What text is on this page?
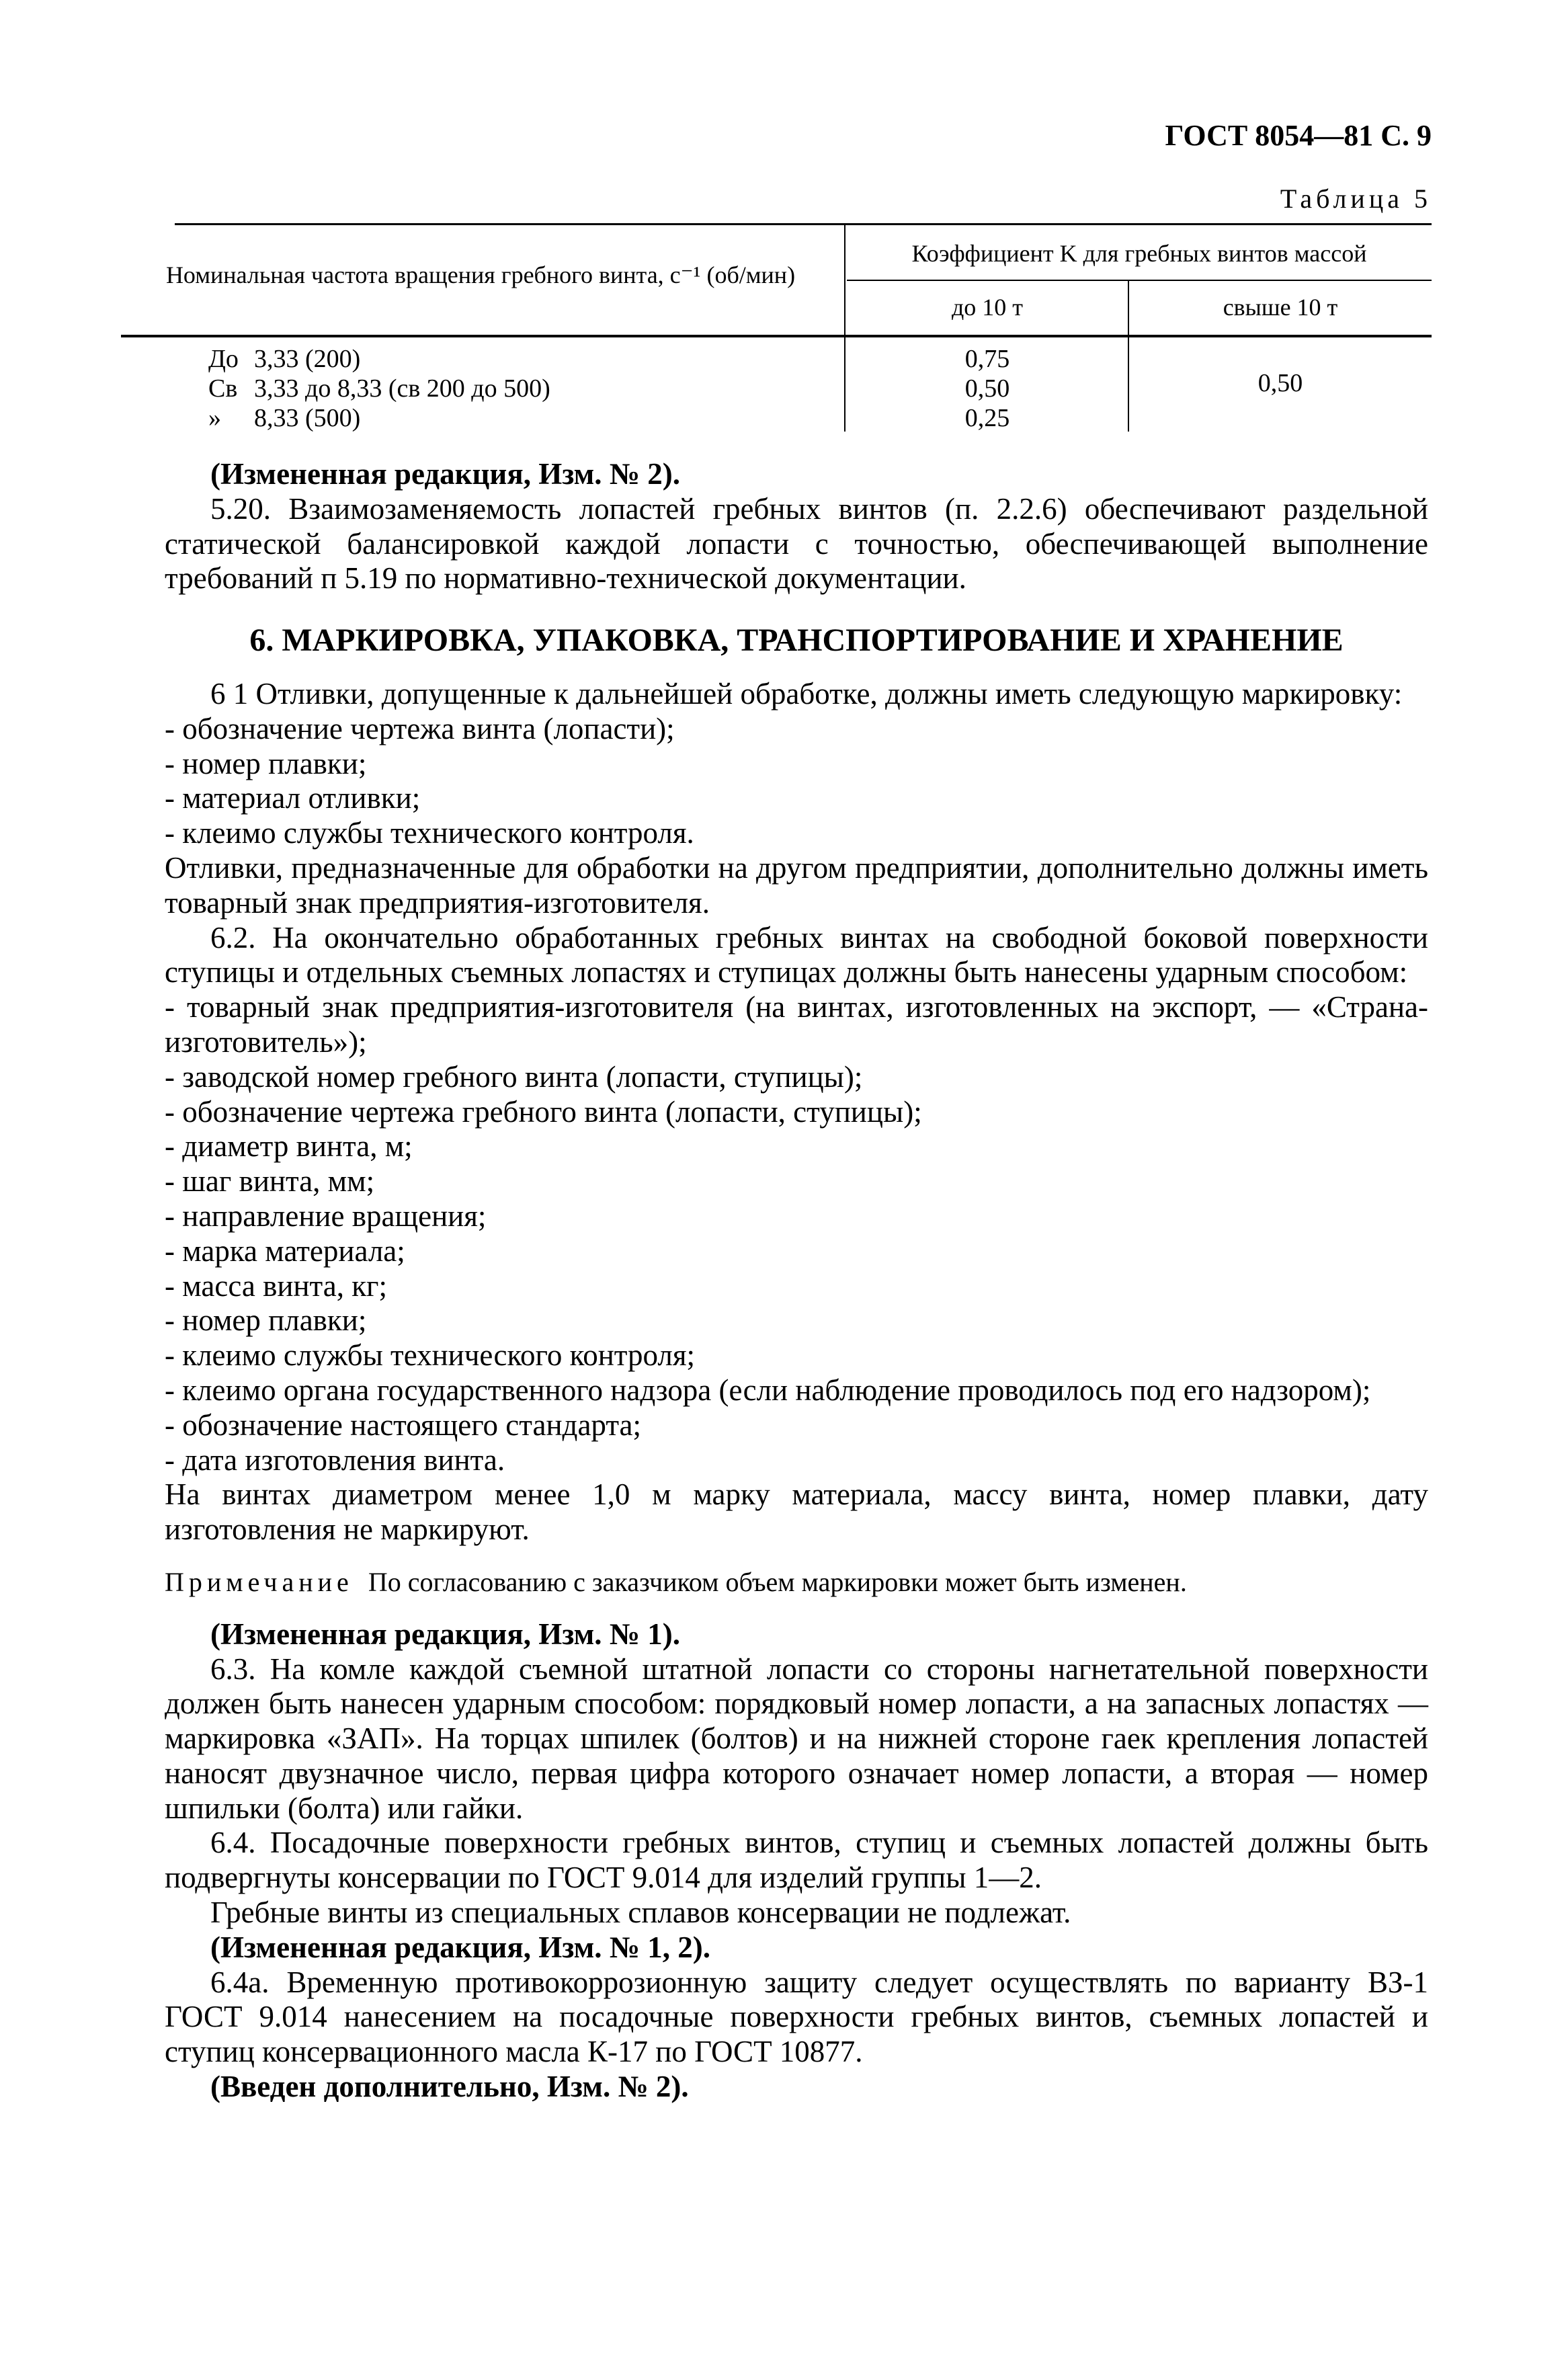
ГОСТ 8054—81 С. 9
Таблица 5
Номинальная частота вращения гребного винта, с⁻¹ (об/мин)
Коэффициент K для гребных винтов массой
до 10 т	свыше 10 т
До 3,33 (200)
Св 3,33 до 8,33 (св 200 до 500)
» 8,33 (500)
0,75
0,50
0,25
0,50

(Измененная редакция, Изм. № 2).

5.20. Взаимозаменяемость лопастей гребных винтов (п. 2.2.6) обеспечивают раздельной статической балансировкой каждой лопасти с точностью, обеспечивающей выполнение требований п 5.19 по нормативно-технической документации.

6. МАРКИРОВКА, УПАКОВКА, ТРАНСПОРТИРОВАНИЕ И ХРАНЕНИЕ

6 1 Отливки, допущенные к дальнейшей обработке, должны иметь следующую маркировку:

- обозначение чертежа винта (лопасти);

- номер плавки;

- материал отливки;

- клеимо службы технического контроля.

Отливки, предназначенные для обработки на другом предприятии, дополнительно должны иметь товарный знак предприятия-изготовителя.

6.2. На окончательно обработанных гребных винтах на свободной боковой поверхности ступицы и отдельных съемных лопастях и ступицах должны быть нанесены ударным способом:

- товарный знак предприятия-изготовителя (на винтах, изготовленных на экспорт, — «Страна-изготовитель»);

- заводской номер гребного винта (лопасти, ступицы);

- обозначение чертежа гребного винта (лопасти, ступицы);

- диаметр винта, м;

- шаг винта, мм;

- направление вращения;

- марка материала;

- масса винта, кг;

- номер плавки;

- клеимо службы технического контроля;

- клеимо органа государственного надзора (если наблюдение проводилось под его надзором);

- обозначение настоящего стандарта;

- дата изготовления винта.

На винтах диаметром менее 1,0 м марку материала, массу винта, номер плавки, дату изготовления не маркируют.

Примечание По согласованию с заказчиком объем маркировки может быть изменен.

(Измененная редакция, Изм. № 1).

6.3. На комле каждой съемной штатной лопасти со стороны нагнетательной поверхности должен быть нанесен ударным способом: порядковый номер лопасти, а на запасных лопастях — маркировка «ЗАП». На торцах шпилек (болтов) и на нижней стороне гаек крепления лопастей наносят двузначное число, первая цифра которого означает номер лопасти, а вторая — номер шпильки (болта) или гайки.

6.4. Посадочные поверхности гребных винтов, ступиц и съемных лопастей должны быть подвергнуты консервации по ГОСТ 9.014 для изделий группы 1—2.

Гребные винты из специальных сплавов консервации не подлежат.

(Измененная редакция, Изм. № 1, 2).

6.4а. Временную противокоррозионную защиту следует осуществлять по варианту ВЗ-1 ГОСТ 9.014 нанесением на посадочные поверхности гребных винтов, съемных лопастей и ступиц консервационного масла К-17 по ГОСТ 10877.

(Введен дополнительно, Изм. № 2).
